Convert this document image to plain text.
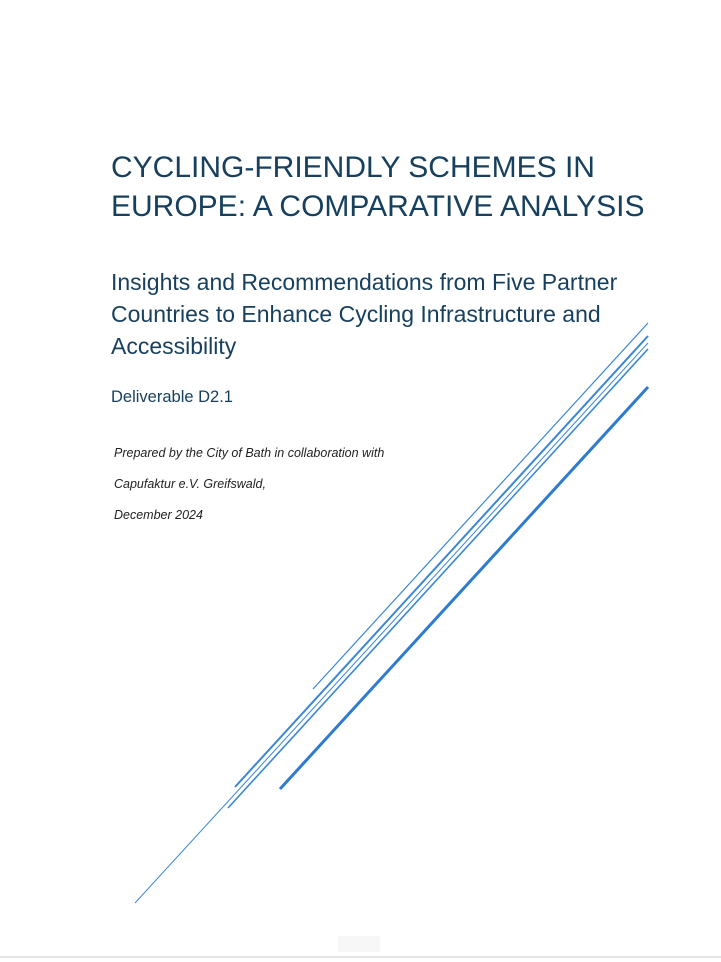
CYCLING-FRIENDLY SCHEMES IN EUROPE: A COMPARATIVE ANALYSIS
Insights and Recommendations from Five Partner Countries to Enhance Cycling Infrastructure and Accessibility

Deliverable D2.1

Prepared by the City of Bath in collaboration with

Capufaktur e.V. Greifswald,

December 2024
